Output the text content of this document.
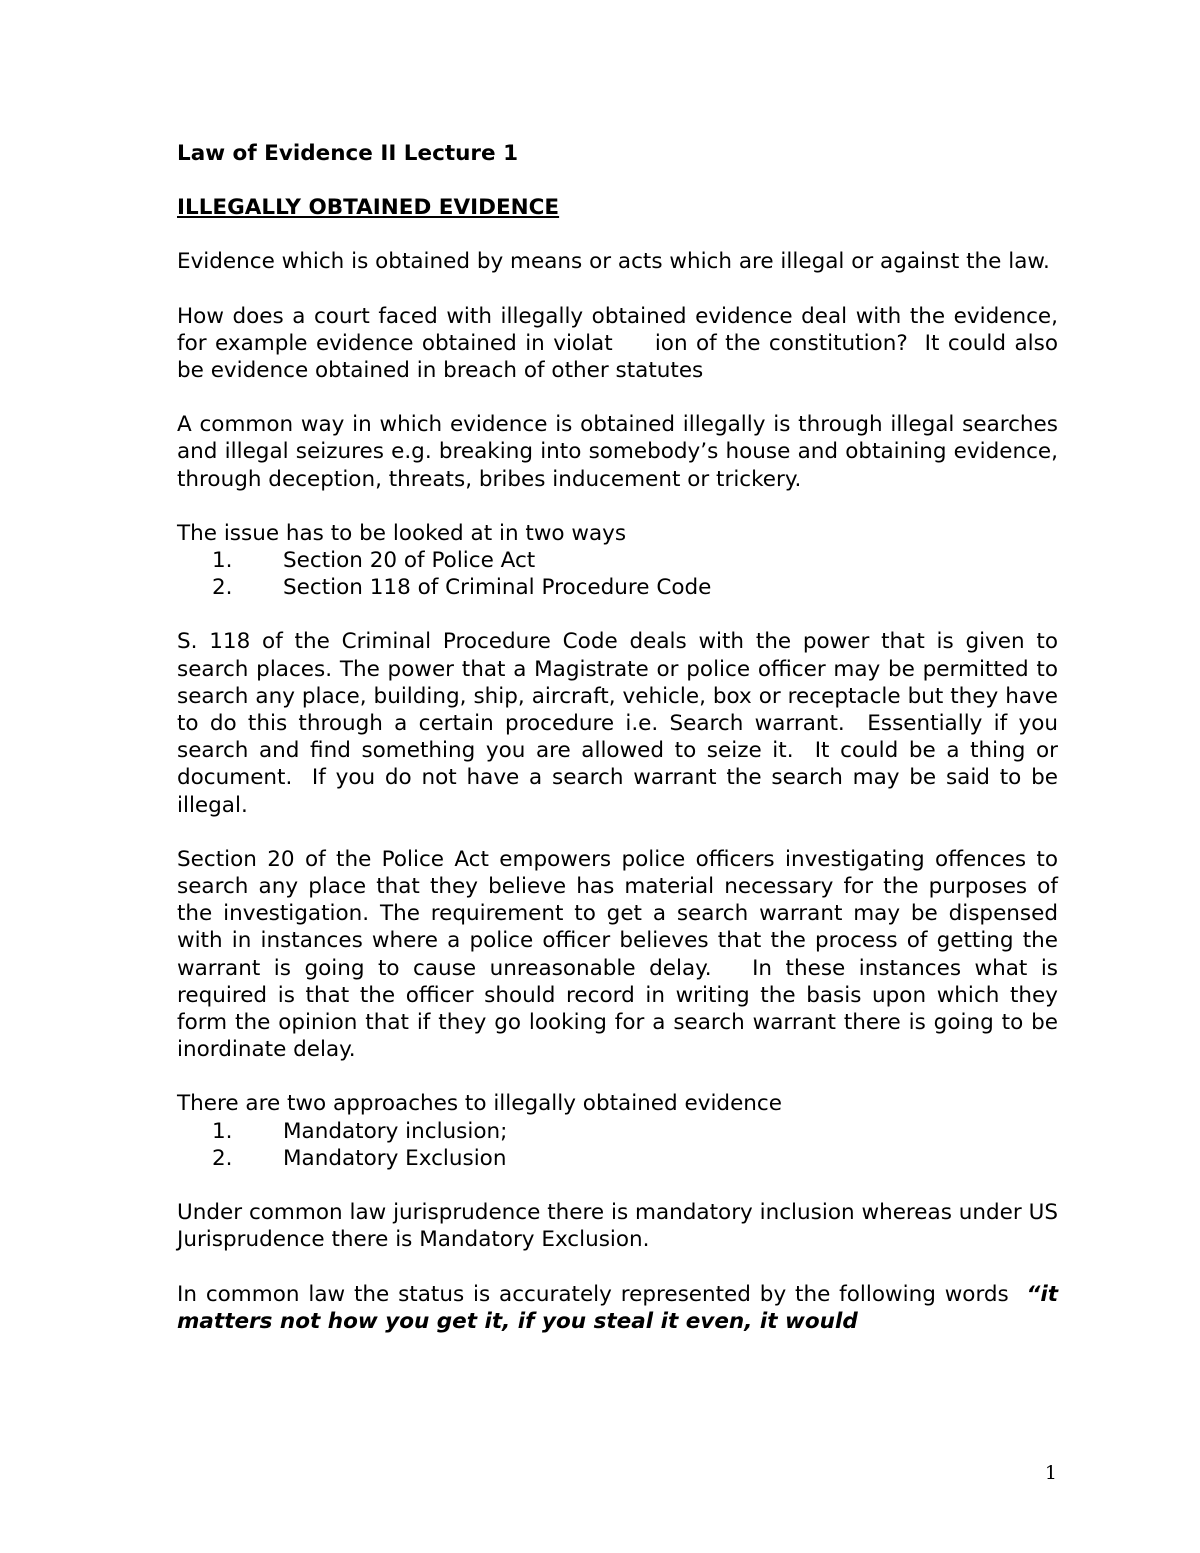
Law of Evidence II Lecture 1

ILLEGALLY OBTAINED EVIDENCE

Evidence which is obtained by means or acts which are illegal or against the law.

How does a court faced with illegally obtained evidence deal with the evidence, for example evidence obtained in violat     ion of the constitution?  It could also be evidence obtained in breach of other statutes

A common way in which evidence is obtained illegally is through illegal searches and illegal seizures e.g. breaking into somebody’s house and obtaining evidence, through deception, threats, bribes inducement or trickery.

The issue has to be looked at in two ways

1.	Section 20 of Police Act
2.	Section 118 of Criminal Procedure Code

S. 118 of the Criminal Procedure Code deals with the power that is given to search places. The power that a Magistrate or police officer may be permitted to search any place, building, ship, aircraft, vehicle, box or receptacle but they have to do this through a certain procedure i.e. Search warrant.  Essentially if you search and find something you are allowed to seize it.  It could be a thing or document.  If you do not have a search warrant the search may be said to be illegal.

Section 20 of the Police Act empowers police officers investigating offences to search any place that they believe has material necessary for the purposes of the investigation. The requirement to get a search warrant may be dispensed with in instances where a police officer believes that the process of getting the warrant is going to cause unreasonable delay.   In these instances what is required is that the officer should record in writing the basis upon which they form the opinion that if they go looking for a search warrant there is going to be inordinate delay.

There are two approaches to illegally obtained evidence

1.	Mandatory inclusion;
2.	Mandatory Exclusion

Under common law jurisprudence there is mandatory inclusion whereas under US Jurisprudence there is Mandatory Exclusion.

In common law the status is accurately represented by the following words  “it matters not how you get it, if you steal it even, it would

1
